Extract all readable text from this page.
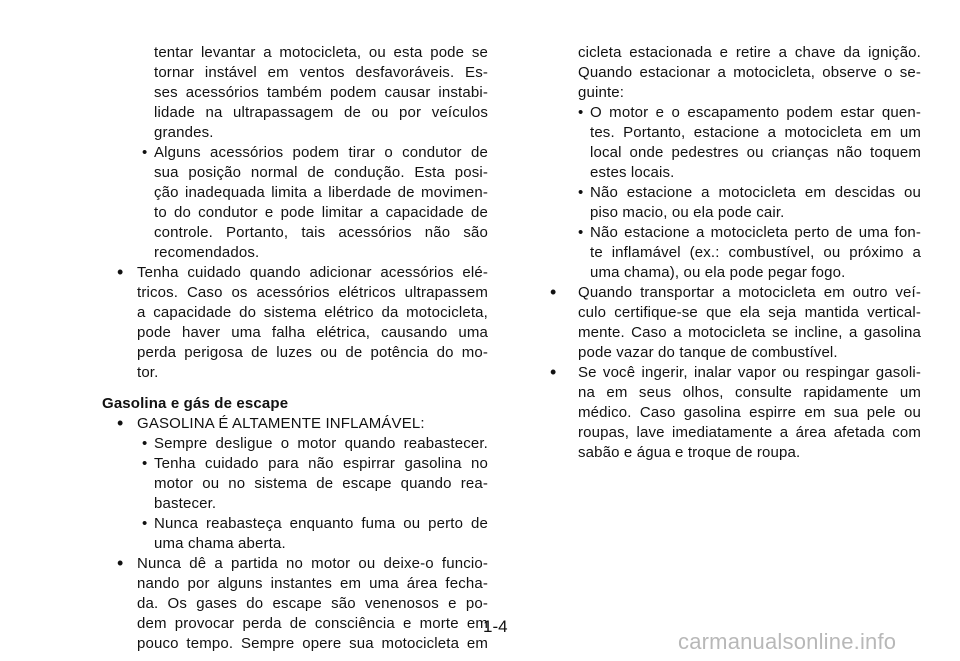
tentar levantar a motocicleta, ou esta pode se
tornar instável em ventos desfavoráveis. Es-
ses acessórios também podem causar instabi-
lidade na ultrapassagem de ou por veículos
grandes.
• Alguns acessórios podem tirar o condutor de
sua posição normal de condução. Esta posi-
ção inadequada limita a liberdade de movimen-
to do condutor e pode limitar a capacidade de
controle. Portanto, tais acessórios não são
recomendados.
• Tenha cuidado quando adicionar acessórios elé-
tricos. Caso os acessórios elétricos ultrapassem
a capacidade do sistema elétrico da motocicleta,
pode haver uma falha elétrica, causando uma
perda perigosa de luzes ou de potência do mo-
tor.
Gasolina e gás de escape
• GASOLINA É ALTAMENTE INFLAMÁVEL:
• Sempre desligue o motor quando reabastecer.
• Tenha cuidado para não espirrar gasolina no
motor ou no sistema de escape quando rea-
bastecer.
• Nunca reabasteça enquanto fuma ou perto de
uma chama aberta.
• Nunca dê a partida no motor ou deixe-o funcio-
nando por alguns instantes em uma área fecha-
da. Os gases do escape são venenosos e po-
dem provocar perda de consciência e morte em
pouco tempo. Sempre opere sua motocicleta em
cicleta estacionada e retire a chave da ignição.
Quando estacionar a motocicleta, observe o se-
guinte:
• O motor e o escapamento podem estar quen-
tes. Portanto, estacione a motocicleta em um
local onde pedestres ou crianças não toquem
estes locais.
• Não estacione a motocicleta em descidas ou
piso macio, ou ela pode cair.
• Não estacione a motocicleta perto de uma fon-
te inflamável (ex.: combustível, ou próximo a
uma chama), ou ela pode pegar fogo.
• Quando transportar a motocicleta em outro veí-
culo certifique-se que ela seja mantida vertical-
mente. Caso a motocicleta se incline, a gasolina
pode vazar do tanque de combustível.
• Se você ingerir, inalar vapor ou respingar gasoli-
na em seus olhos, consulte rapidamente um
médico. Caso gasolina espirre em sua pele ou
roupas, lave imediatamente a área afetada com
sabão e água e troque de roupa.
1-4
carmanualsonline.info
